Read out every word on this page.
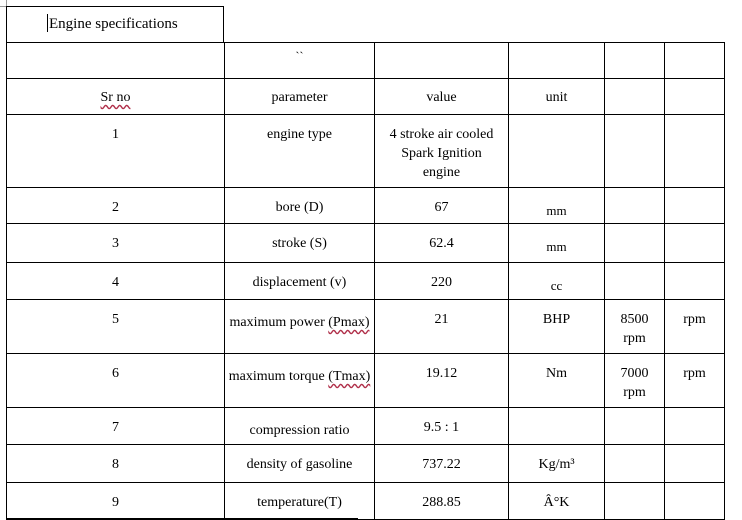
Engine specifications
	``				
Sr no	parameter	value	unit		
1	engine type	4 stroke air cooled Spark Ignition engine			

2	bore (D)	67	mm		
3	stroke (S)	62.4	mm		
4	displacement (v)	220	cc		
5	maximum power (Pmax)	21	BHP	8500 rpm	rpm
6	maximum torque (Tmax)	19.12	Nm	7000 rpm	rpm
7	compression ratio	9.5 : 1			
8	density of gasoline	737.22	Kg/m³		
9	temperature(T)	288.85	Â°K		
